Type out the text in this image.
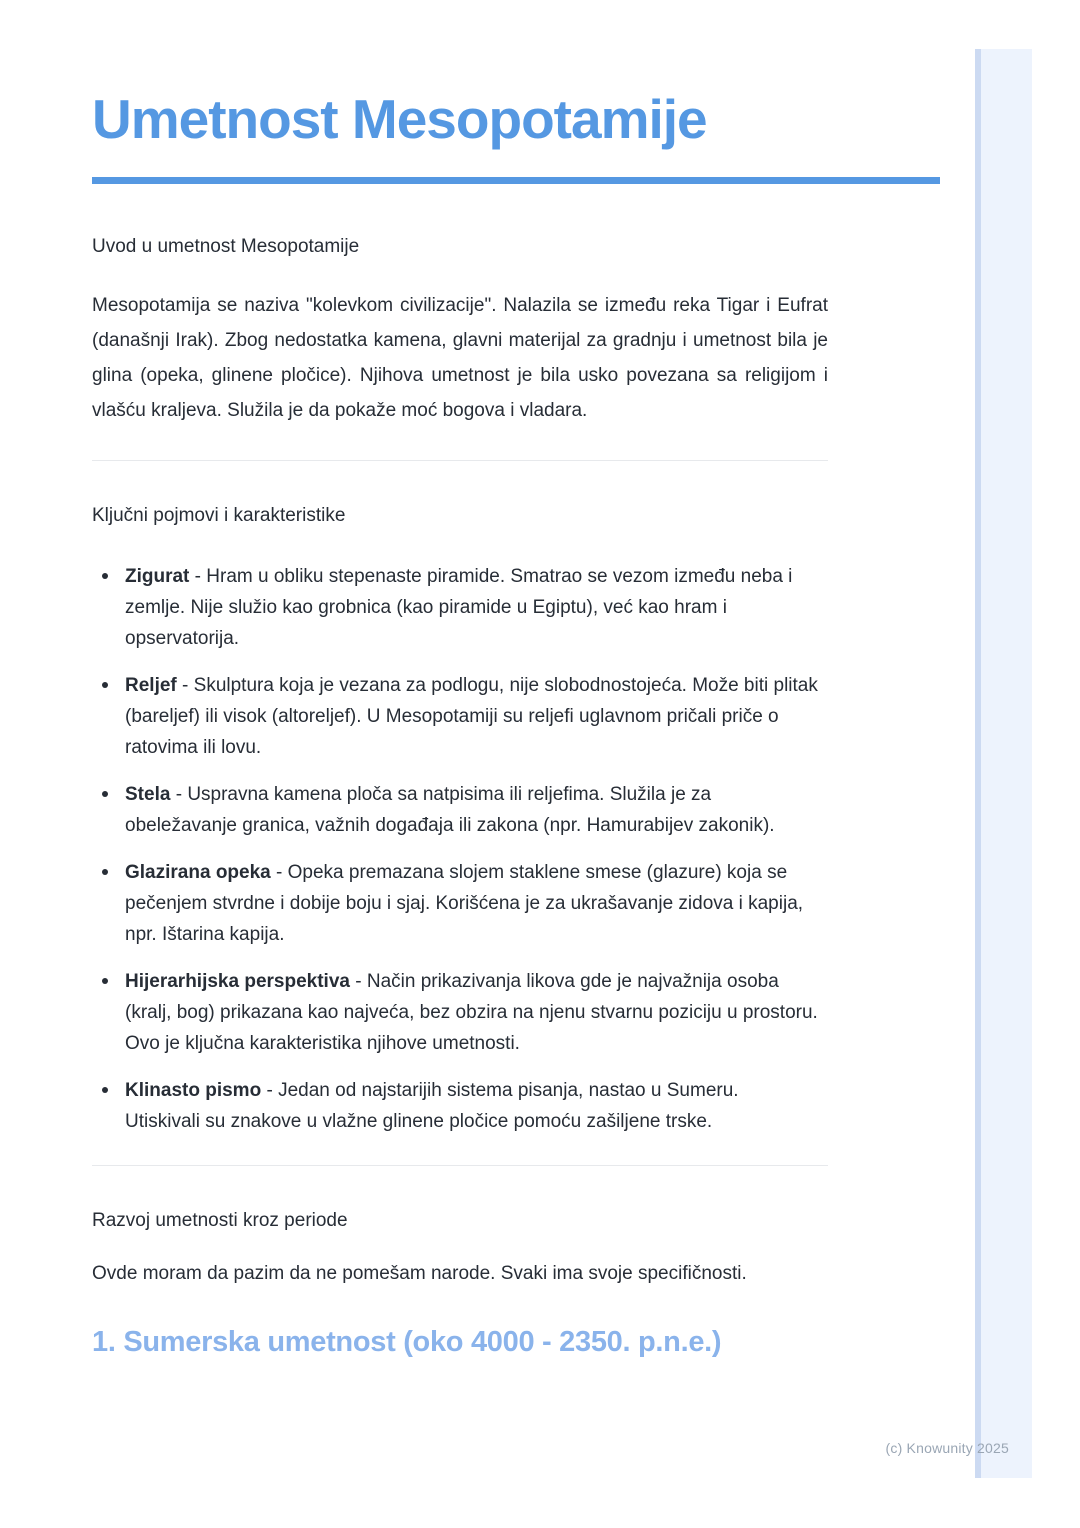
Umetnost Mesopotamije

Uvod u umetnost Mesopotamije

Mesopotamija se naziva "kolevkom civilizacije". Nalazila se između reka Tigar i Eufrat (današnji Irak). Zbog nedostatka kamena, glavni materijal za gradnju i umetnost bila je glina (opeka, glinene pločice). Njihova umetnost je bila usko povezana sa religijom i vlašću kraljeva. Služila je da pokaže moć bogova i vladara.

Ključni pojmovi i karakteristike

Zigurat - Hram u obliku stepenaste piramide. Smatrao se vezom između neba i zemlje. Nije služio kao grobnica (kao piramide u Egiptu), već kao hram i opservatorija.
Reljef - Skulptura koja je vezana za podlogu, nije slobodnostojeća. Može biti plitak (bareljef) ili visok (altoreljef). U Mesopotamiji su reljefi uglavnom pričali priče o ratovima ili lovu.
Stela - Uspravna kamena ploča sa natpisima ili reljefima. Služila je za obeležavanje granica, važnih događaja ili zakona (npr. Hamurabijev zakonik).
Glazirana opeka - Opeka premazana slojem staklene smese (glazure) koja se pečenjem stvrdne i dobije boju i sjaj. Korišćena je za ukrašavanje zidova i kapija, npr. Ištarina kapija.
Hijerarhijska perspektiva - Način prikazivanja likova gde je najvažnija osoba (kralj, bog) prikazana kao najveća, bez obzira na njenu stvarnu poziciju u prostoru. Ovo je ključna karakteristika njihove umetnosti.
Klinasto pismo - Jedan od najstarijih sistema pisanja, nastao u Sumeru. Utiskivali su znakove u vlažne glinene pločice pomoću zašiljene trske.

Razvoj umetnosti kroz periode

Ovde moram da pazim da ne pomešam narode. Svaki ima svoje specifičnosti.

1. Sumerska umetnost (oko 4000 - 2350. p.n.e.)
(c) Knowunity 2025
